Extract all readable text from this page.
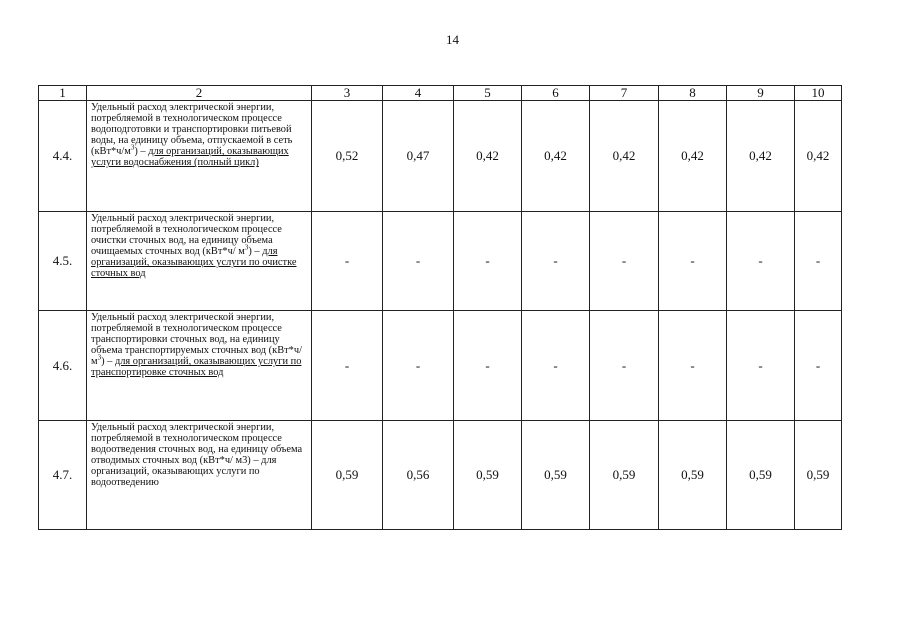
14
1	2	3	4	5	6	7	8	9	10
4.4.	Удельный расход электрической энергии, потребляемой в технологическом процессе водоподготовки и транспортировки питьевой воды, на единицу объема, отпускаемой в сеть $(кВт*ч/м^3)$ – для организаций, оказывающих услуги водоснабжения (полный цикл)	0,52	0,47	0,42	0,42	0,42	0,42	0,42	0,42
4.5.	Удельный расход электрической энергии, потребляемой в технологическом процессе очистки сточных вод, на единицу объема очищаемых сточных вод (кВт*ч/ $м^3$) – для организаций, оказывающих услуги по очистке сточных вод	-	-	-	-	-	-	-	-
4.6.	Удельный расход электрической энергии, потребляемой в технологическом процессе транспортировки сточных вод, на единицу объема транспортируемых сточных вод (кВт*ч/ $м^3$) – для организаций, оказывающих услуги по транспортировке сточных вод	-	-	-	-	-	-	-	-
4.7.	Удельный расход электрической энергии, потребляемой в технологическом процессе водоотведения сточных вод, на единицу объема отводимых сточных вод (кВт*ч/ м3) – для организаций, оказывающих услуги по водоотведению	0,59	0,56	0,59	0,59	0,59	0,59	0,59	0,59
